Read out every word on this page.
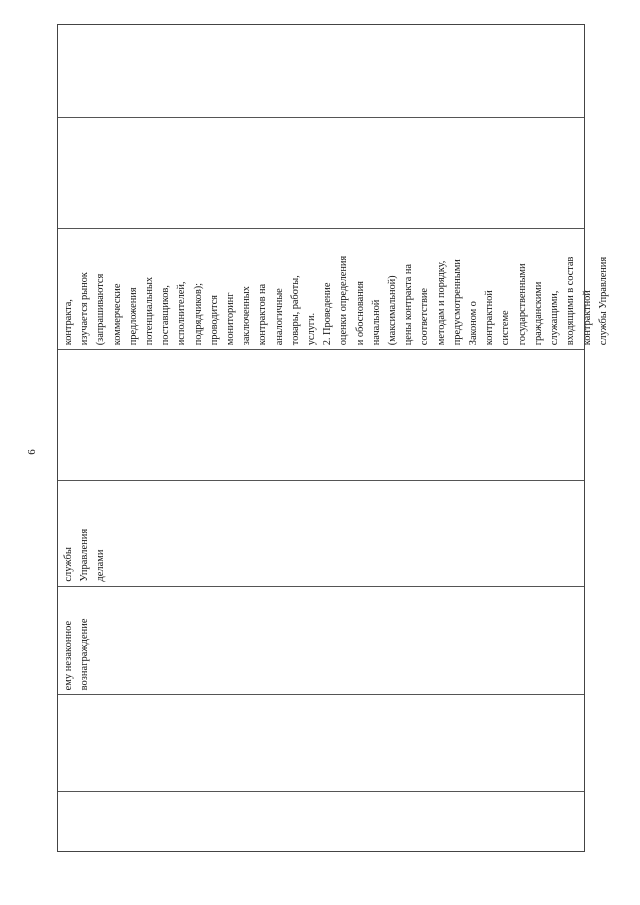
6
ему незаконное вознаграждение
службы Управления делами
контракта, изучается рынок (запрашиваются коммерческие предложения потенциальных поставщиков, исполнителей, подрядчиков); проводится мониторинг заключенных контрактов на аналогичные товары, работы, услуги. 2. Проведение оценки определения и обоснования начальной (максимальной) цены контракта на соответствие методам и порядку, предусмотренными Законом о контрактной системе государственными гражданскими служащими, входящими в состав контрактной службы Управления
